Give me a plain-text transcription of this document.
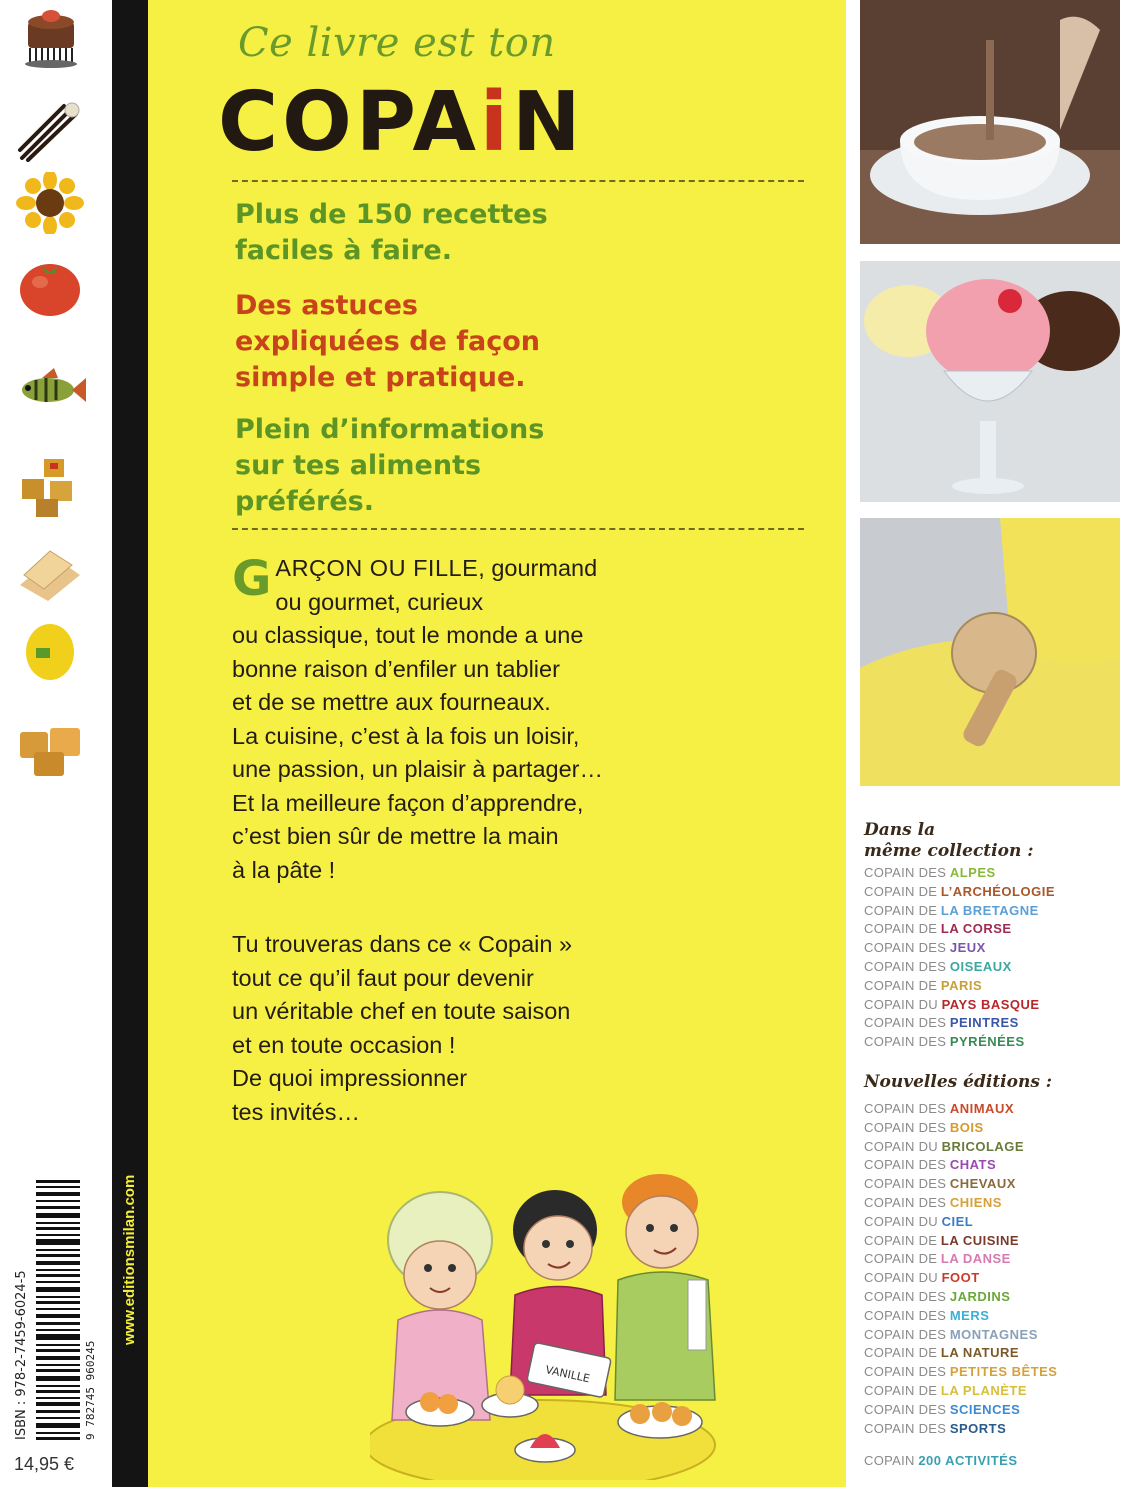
ISBN : 978-2-7459-6024-5	9 782745 960245
14,95 €
www.editionsmilan.com
Ce livre est ton
COPAiN
Plus de 150 recettes
faciles à faire.
Des astuces
expliquées de façon
simple et pratique.
Plein d’informations
sur tes aliments
préférés.
G ARÇON OU FILLE, gourmand
ou gourmet, curieux
ou classique, tout le monde a une
bonne raison d’enfiler un tablier
et de se mettre aux fourneaux.
La cuisine, c’est à la fois un loisir,
une passion, un plaisir à partager…
Et la meilleure façon d’apprendre,
c’est bien sûr de mettre la main
à la pâte !
Tu trouveras dans ce « Copain »
tout ce qu’il faut pour devenir
un véritable chef en toute saison
et en toute occasion !
De quoi impressionner
tes invités…
VANILLE
Dans la
même collection :
COPAIN DES ALPES
COPAIN DE L’ARCHÉOLOGIE
COPAIN DE LA BRETAGNE
COPAIN DE LA CORSE
COPAIN DES JEUX
COPAIN DES OISEAUX
COPAIN DE PARIS
COPAIN DU PAYS BASQUE
COPAIN DES PEINTRES
COPAIN DES PYRÉNÉES
Nouvelles éditions :
COPAIN DES ANIMAUX
COPAIN DES BOIS
COPAIN DU BRICOLAGE
COPAIN DES CHATS
COPAIN DES CHEVAUX
COPAIN DES CHIENS
COPAIN DU CIEL
COPAIN DE LA CUISINE
COPAIN DE LA DANSE
COPAIN DU FOOT
COPAIN DES JARDINS
COPAIN DES MERS
COPAIN DES MONTAGNES
COPAIN DE LA NATURE
COPAIN DES PETITES BÊTES
COPAIN DE LA PLANÈTE
COPAIN DES SCIENCES
COPAIN DES SPORTS
COPAIN 200 ACTIVITÉS
